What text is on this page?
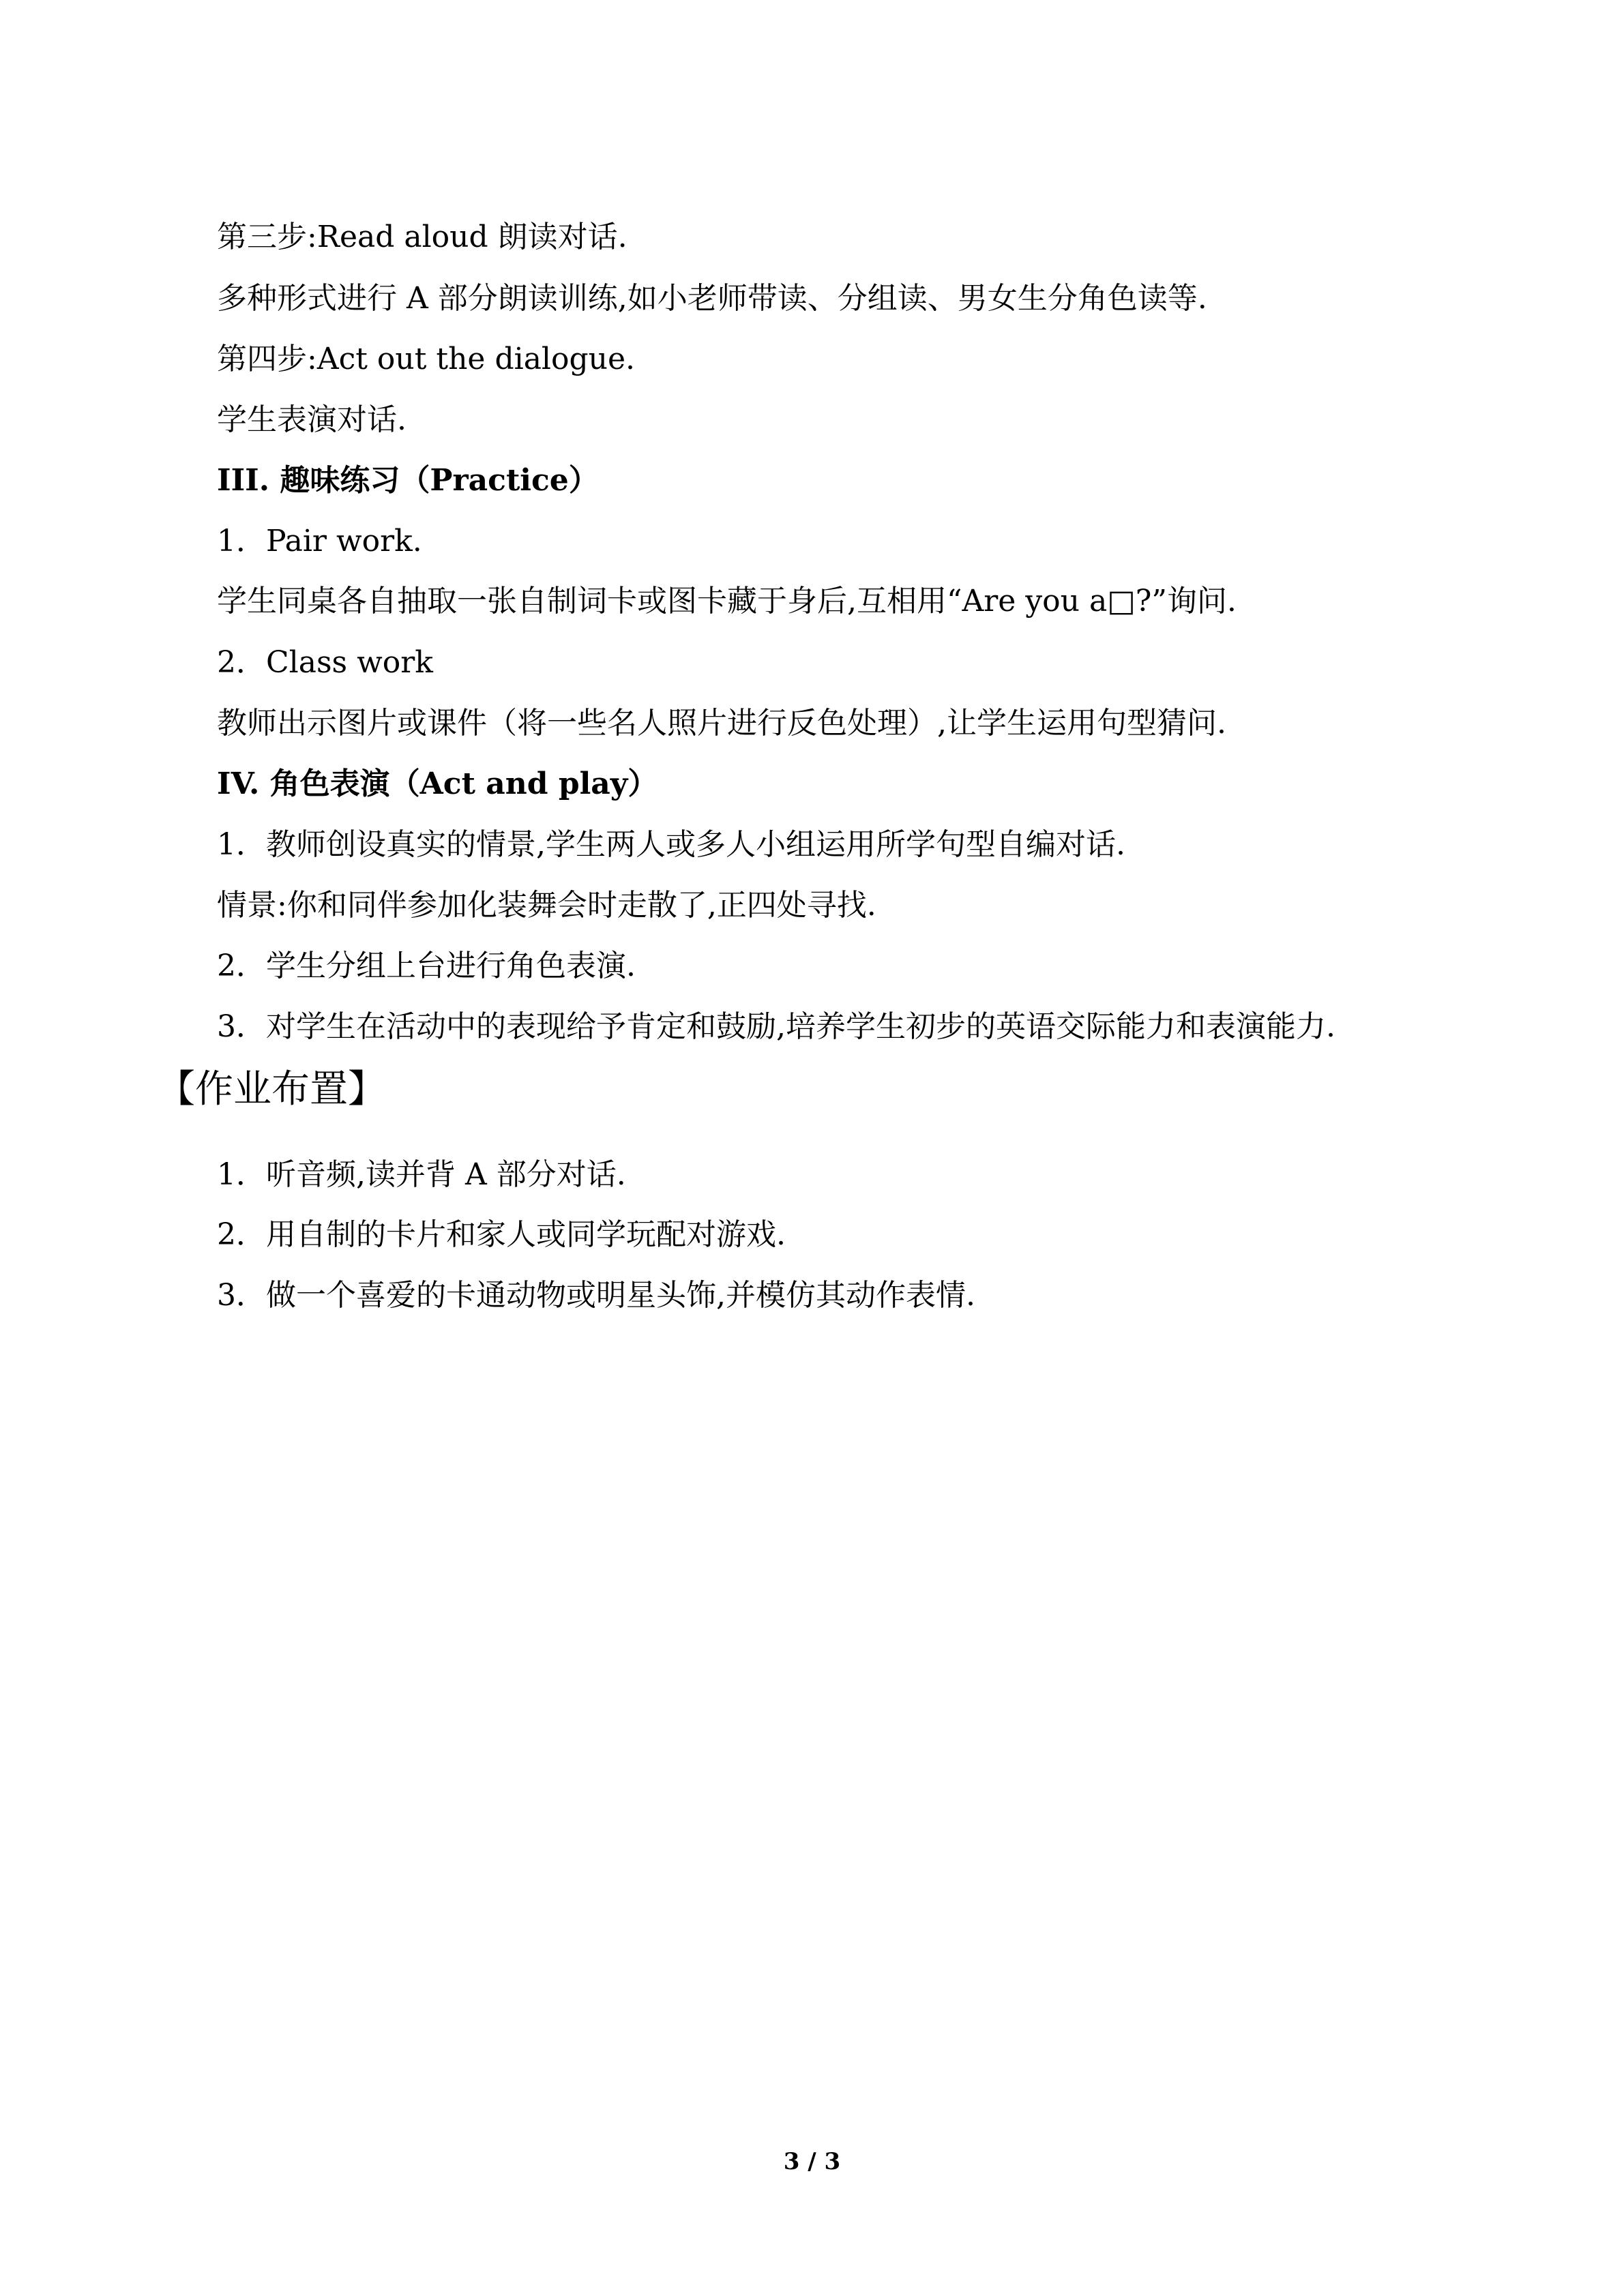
第三步:Read aloud 朗读对话.
多种形式进行 A 部分朗读训练,如小老师带读、分组读、男女生分角色读等.
第四步:Act out the dialogue.
学生表演对话.
III. 趣味练习（Practice）
1．Pair work.
学生同桌各自抽取一张自制词卡或图卡藏于身后,互相用“Are you a□?”询问.
2．Class work
教师出示图片或课件（将一些名人照片进行反色处理）,让学生运用句型猜问.
IV. 角色表演（Act and play）
1．教师创设真实的情景,学生两人或多人小组运用所学句型自编对话.
情景:你和同伴参加化装舞会时走散了,正四处寻找.
2．学生分组上台进行角色表演.
3．对学生在活动中的表现给予肯定和鼓励,培养学生初步的英语交际能力和表演能力.
【作业布置】
1．听音频,读并背 A 部分对话.
2．用自制的卡片和家人或同学玩配对游戏.
3．做一个喜爱的卡通动物或明星头饰,并模仿其动作表情.
3 / 3
